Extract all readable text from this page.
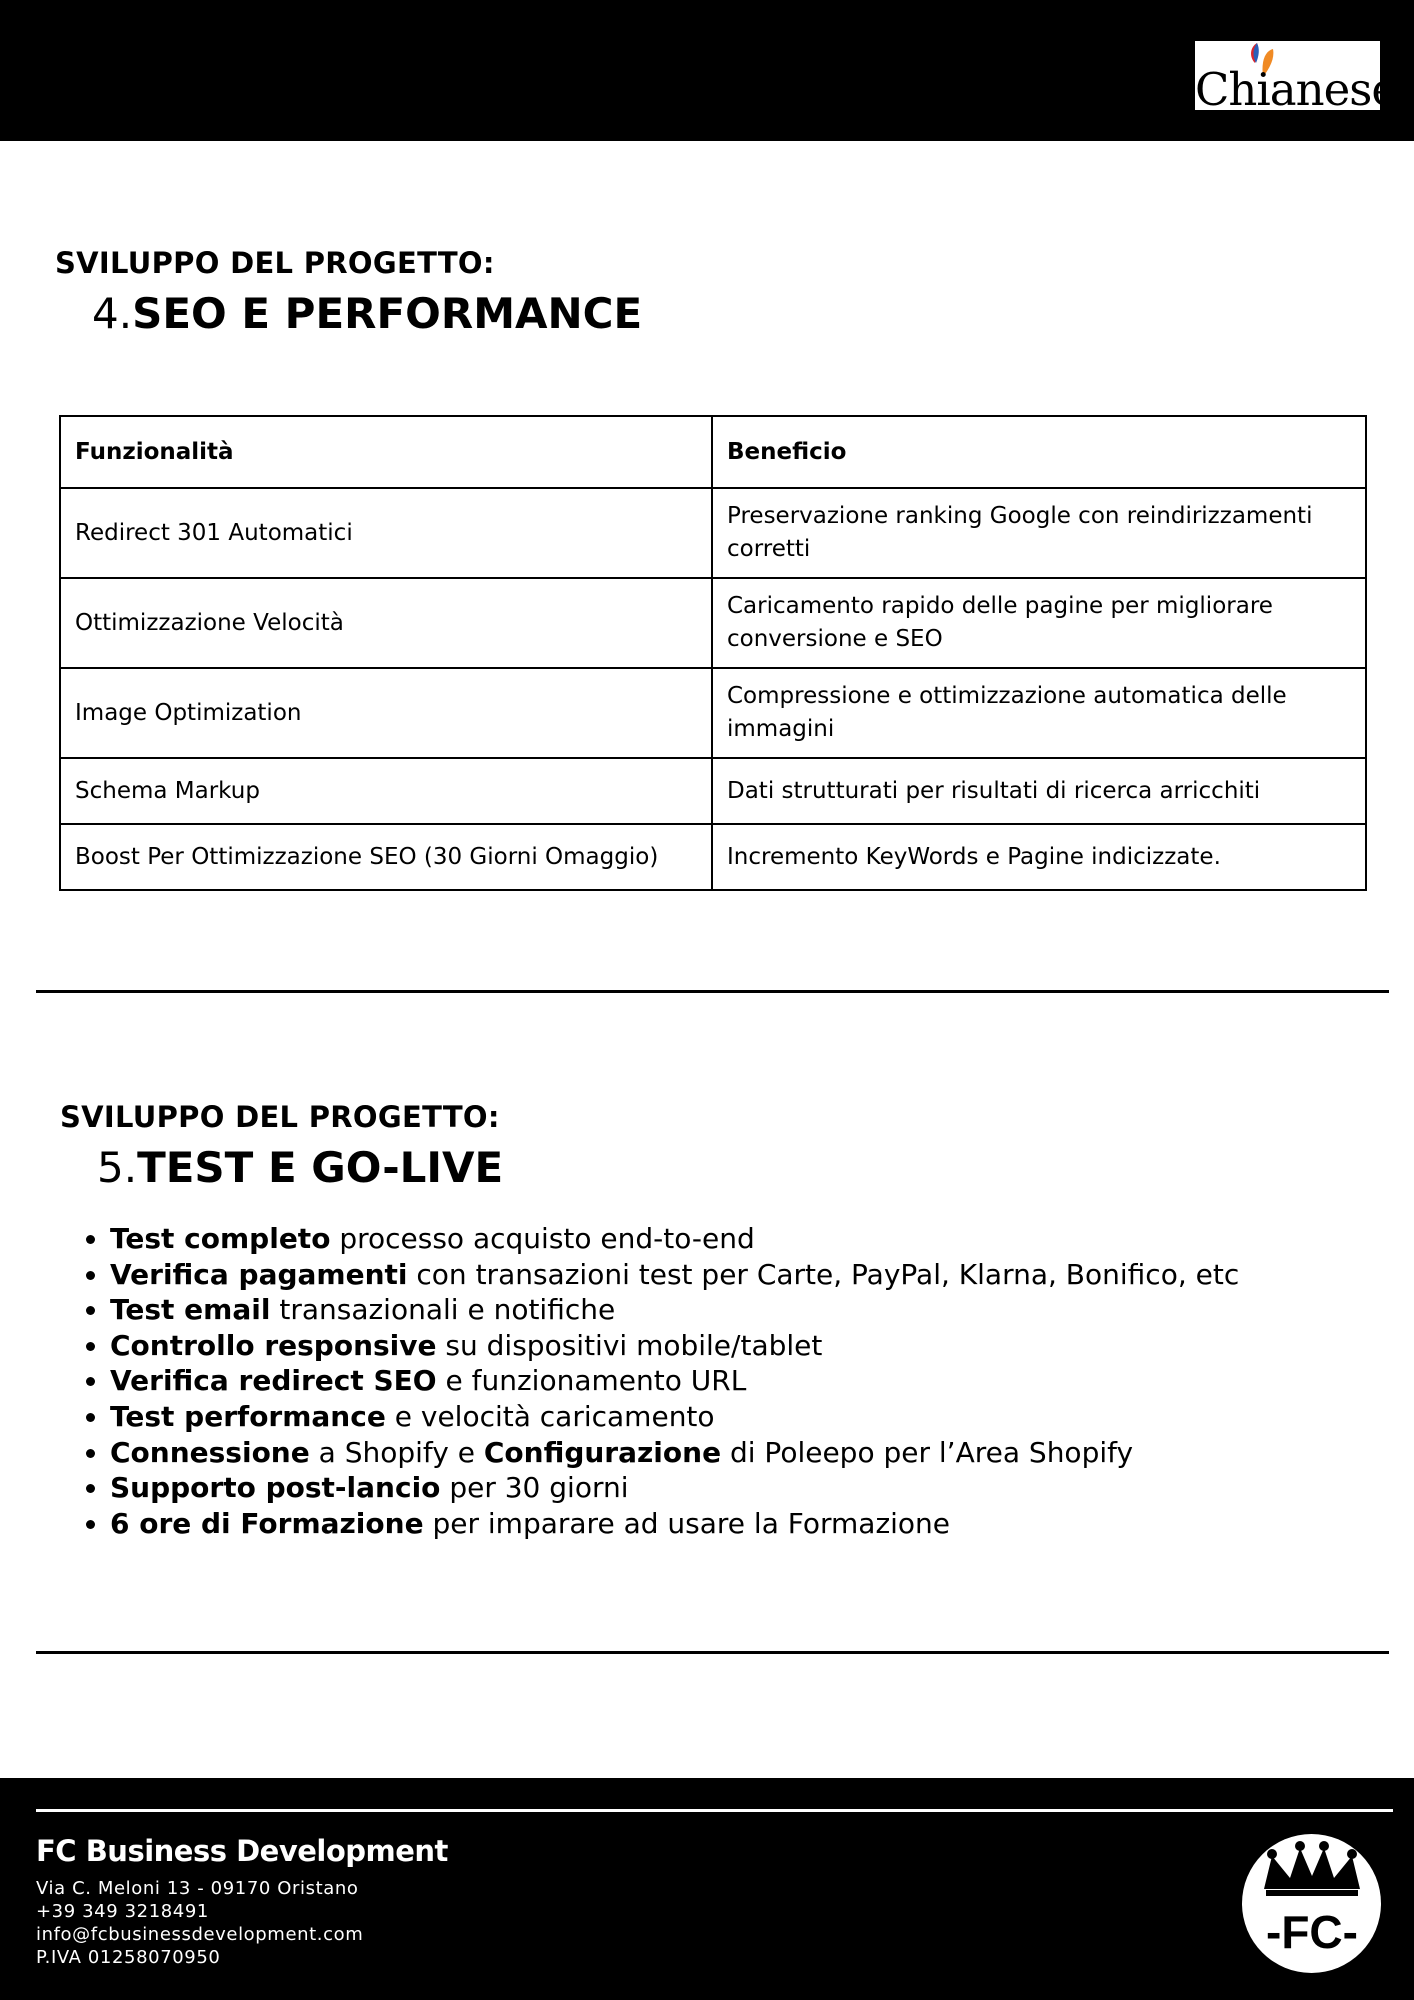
Chianese
SVILUPPO DEL PROGETTO:
4.SEO E PERFORMANCE
Funzionalità	Beneficio
Redirect 301 Automatici	Preservazione ranking Google con reindirizzamenti corretti
Ottimizzazione Velocità	Caricamento rapido delle pagine per migliorare conversione e SEO
Image Optimization	Compressione e ottimizzazione automatica delle immagini
Schema Markup	Dati strutturati per risultati di ricerca arricchiti
Boost Per Ottimizzazione SEO (30 Giorni Omaggio)	Incremento KeyWords e Pagine indicizzate.
SVILUPPO DEL PROGETTO:
5.TEST E GO-LIVE
• Test completo processo acquisto end-to-end
• Verifica pagamenti con transazioni test per Carte, PayPal, Klarna, Bonifico, etc
• Test email transazionali e notifiche
• Controllo responsive su dispositivi mobile/tablet
• Verifica redirect SEO e funzionamento URL
• Test performance e velocità caricamento
• Connessione a Shopify e Configurazione di Poleepo per l’Area Shopify
• Supporto post-lancio per 30 giorni
• 6 ore di Formazione per imparare ad usare la Formazione
FC Business Development
Via C. Meloni 13 - 09170 Oristano
+39 349 3218491
info@fcbusinessdevelopment.com
P.IVA 01258070950	-FC-
